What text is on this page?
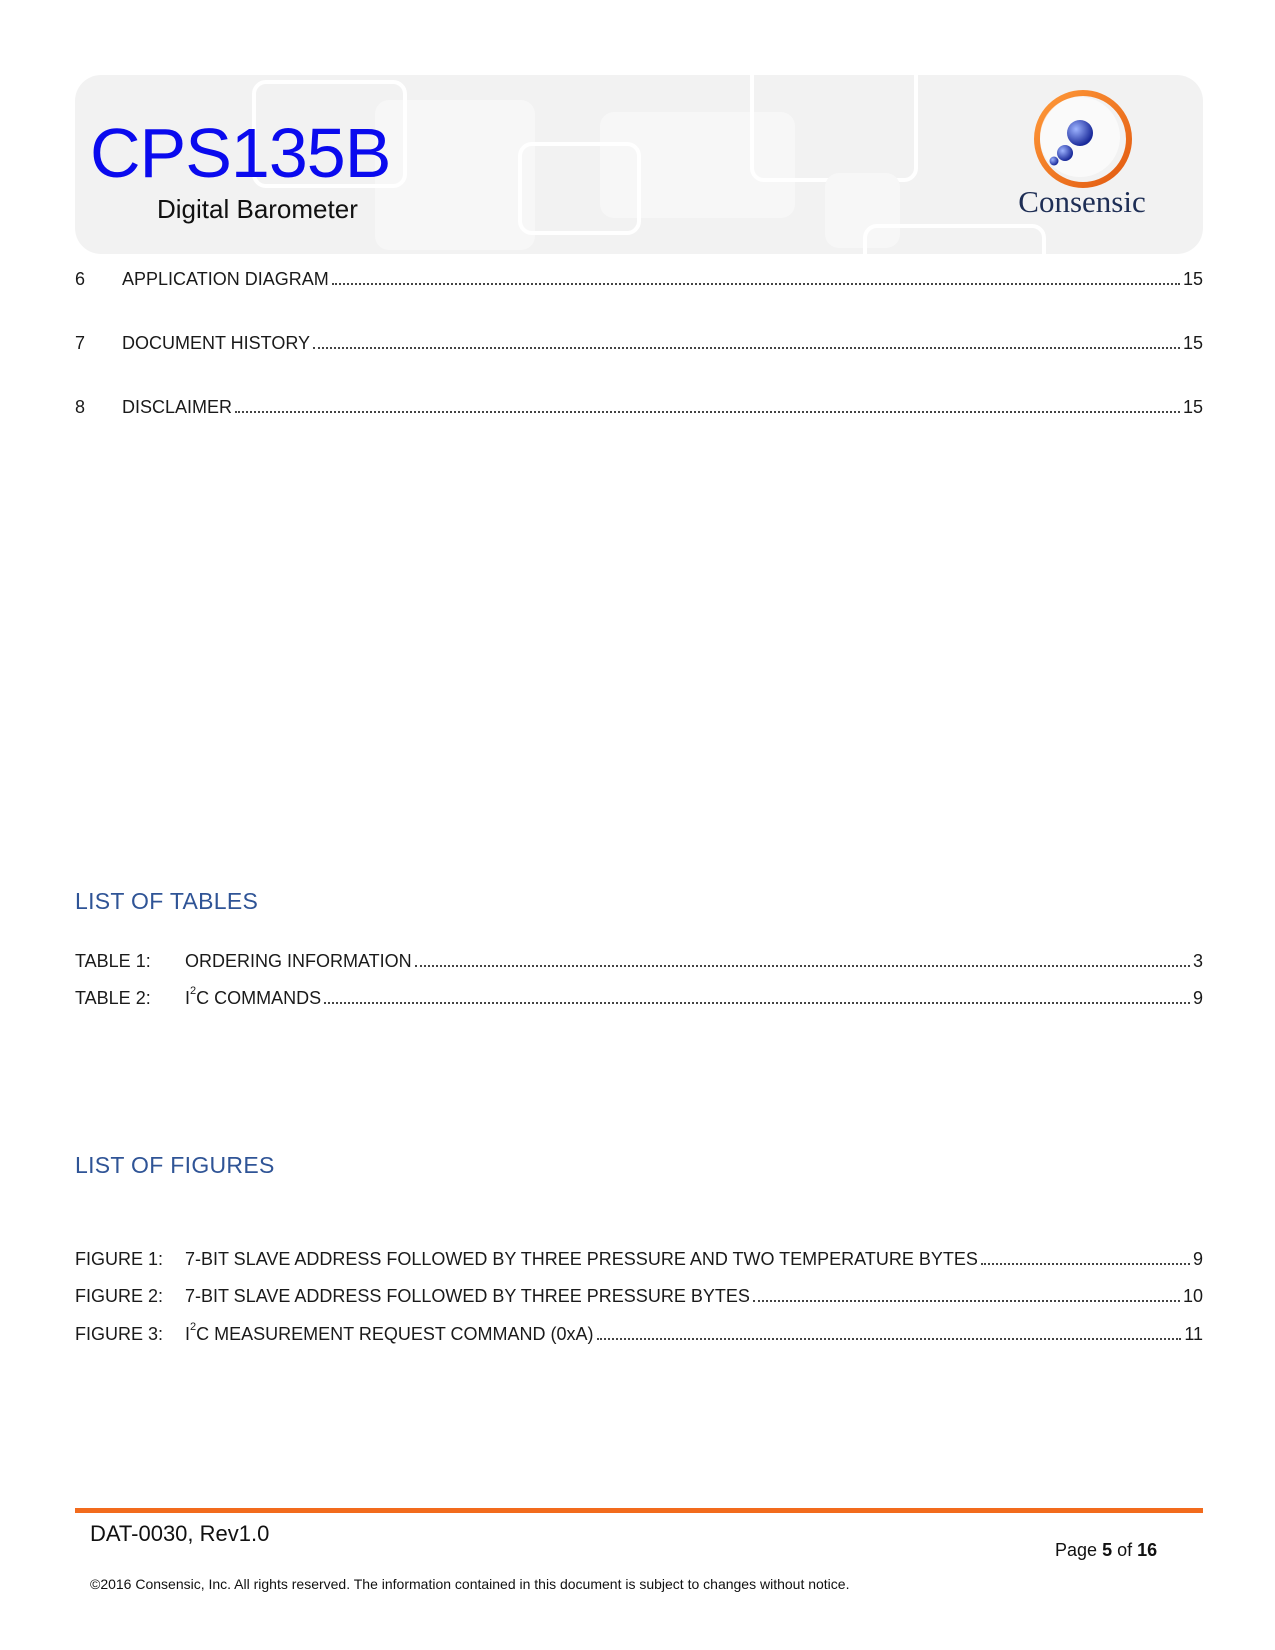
CPS135B
Digital Barometer	Consensic
6	APPLICATION DIAGRAM	15
7	DOCUMENT HISTORY	15
8	DISCLAIMER	15
LIST OF TABLES
TABLE 1:	ORDERING INFORMATION	3
TABLE 2:	$I^2C$ COMMANDS	9
LIST OF FIGURES
FIGURE 1:	7-BIT SLAVE ADDRESS FOLLOWED BY THREE PRESSURE AND TWO TEMPERATURE BYTES	9
FIGURE 2:	7-BIT SLAVE ADDRESS FOLLOWED BY THREE PRESSURE BYTES	10
FIGURE 3:	$I^2C$ MEASUREMENT REQUEST COMMAND (0xA)	11
DAT-0030, Rev1.0
Page 5 of 16
©2016 Consensic, Inc. All rights reserved. The information contained in this document is subject to changes without notice.
